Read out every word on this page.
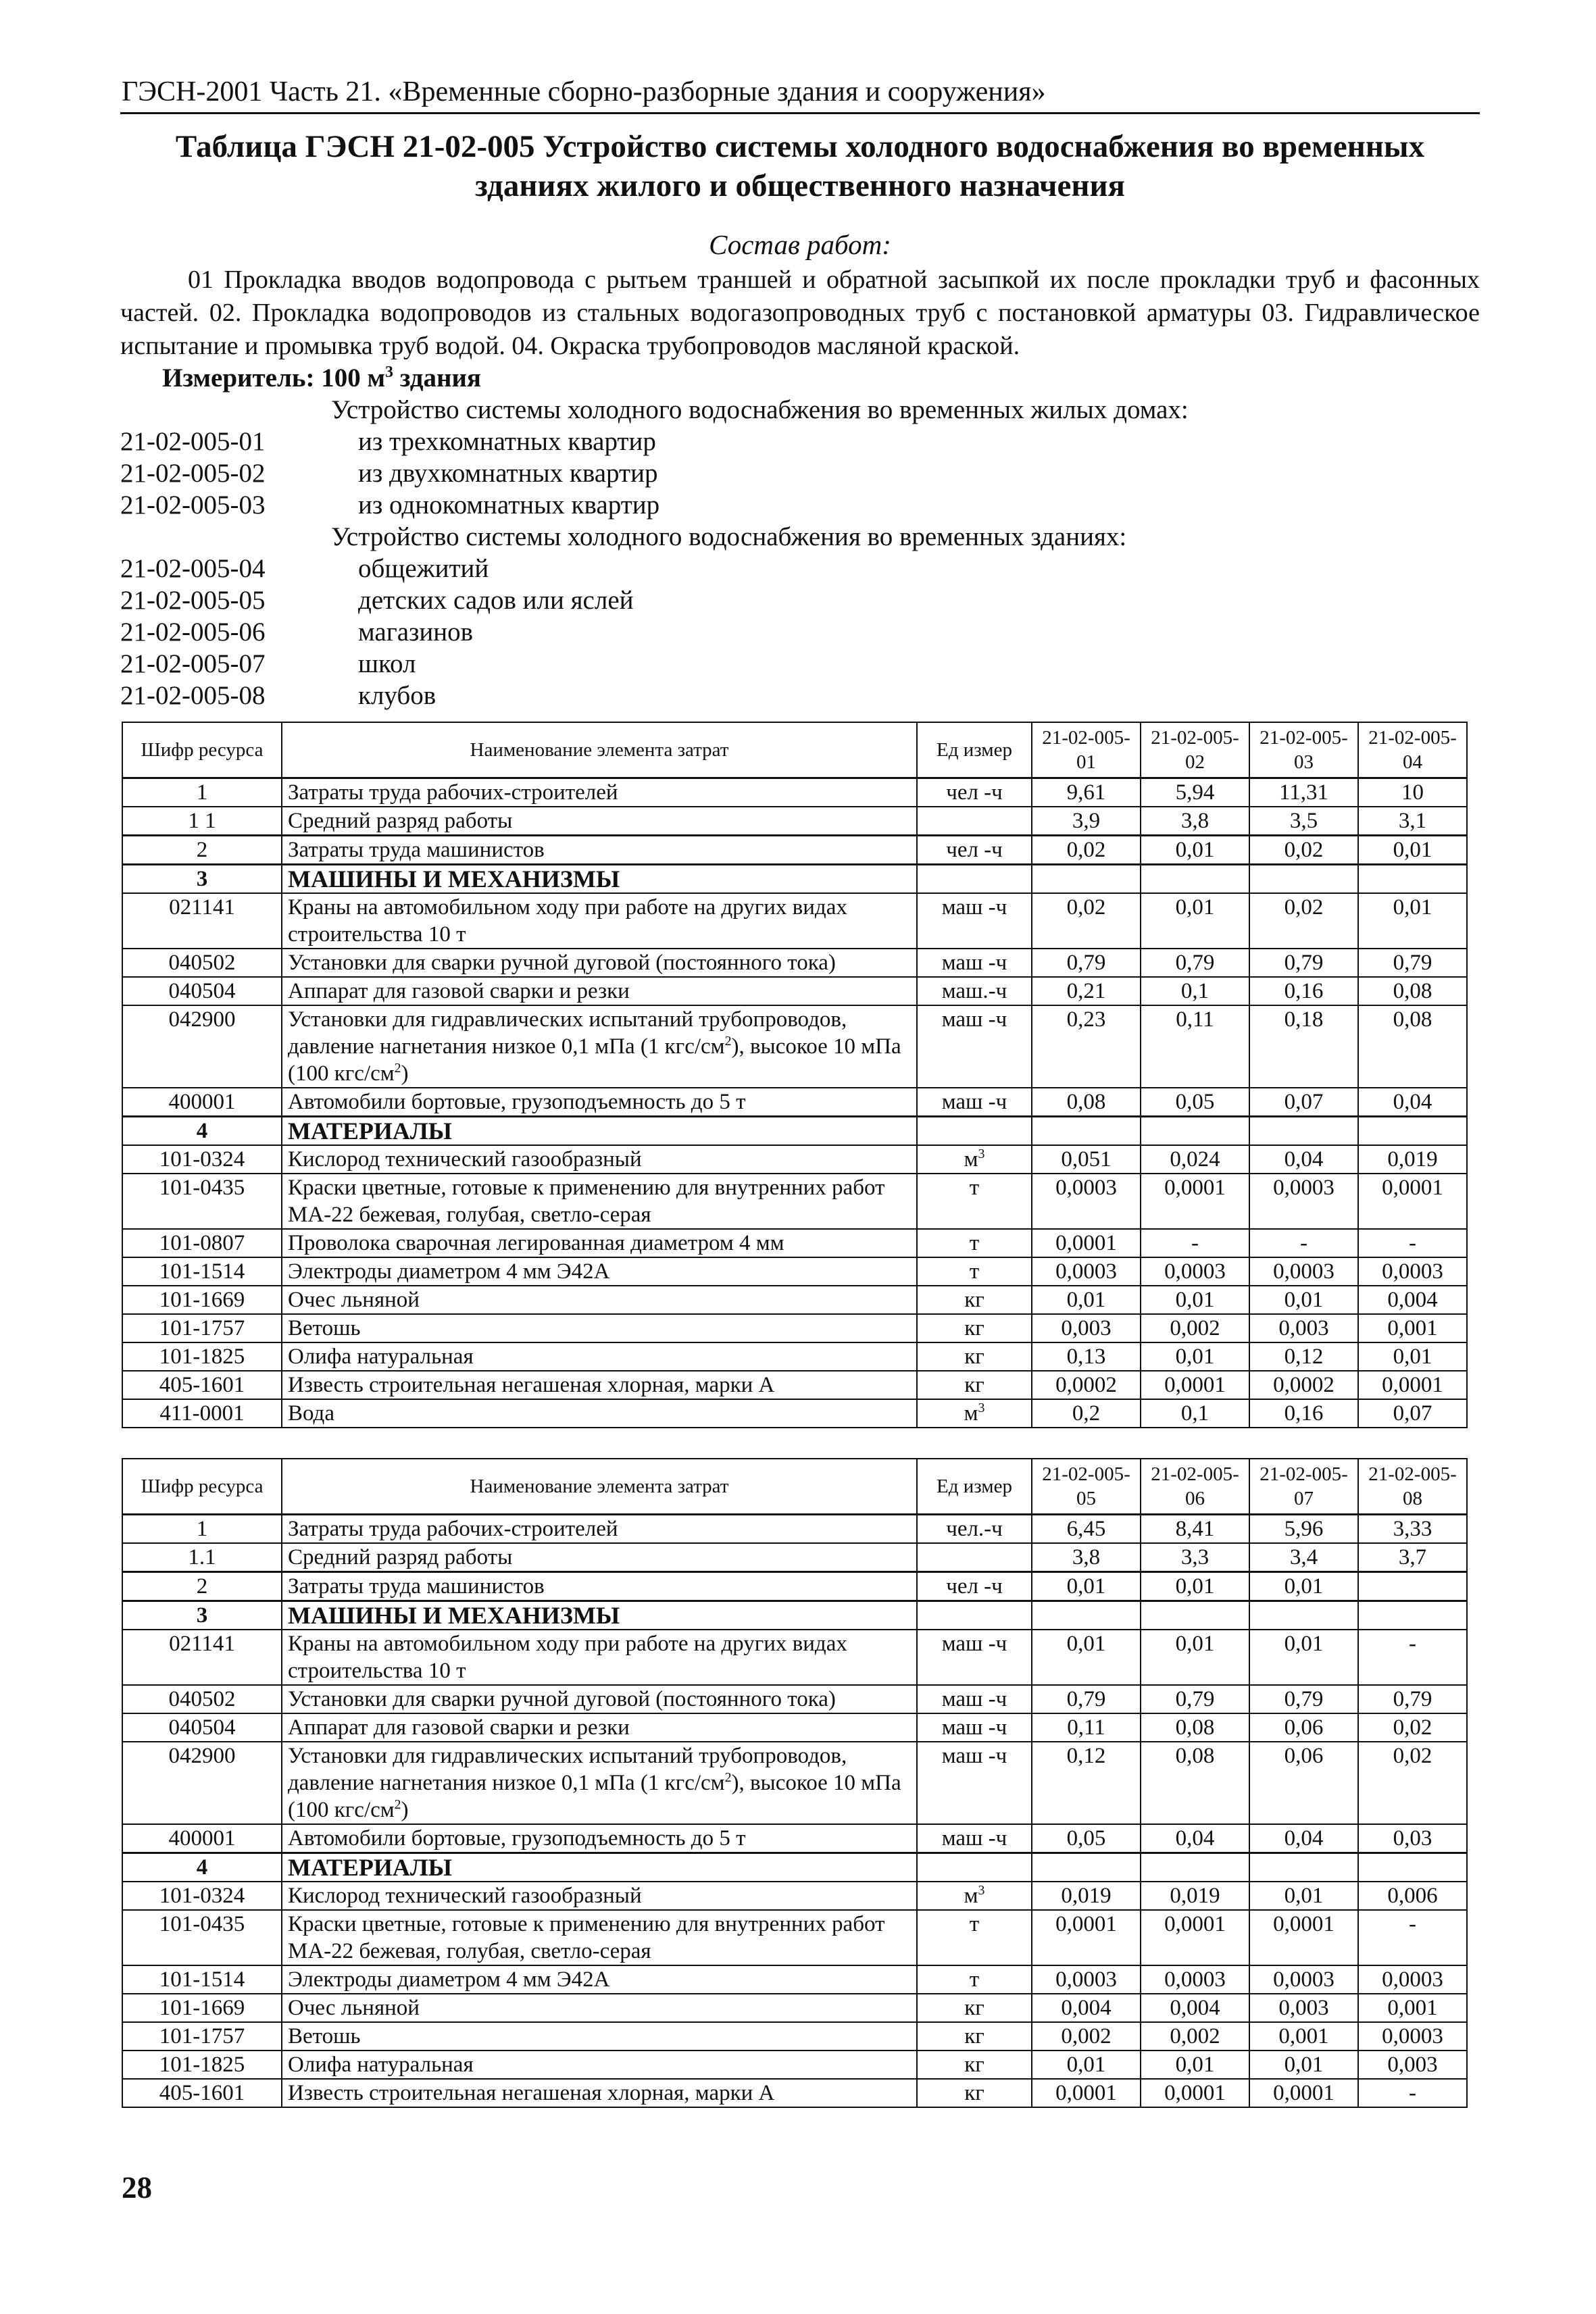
ГЭСН-2001 Часть 21. «Временные сборно-разборные здания и сооружения»
Таблица ГЭСН 21-02-005 Устройство системы холодного водоснабжения во временных
зданиях жилого и общественного назначения
Состав работ:
01 Прокладка вводов водопровода с рытьем траншей и обратной засыпкой их после прокладки труб и фасонных частей. 02. Прокладка водопроводов из стальных водогазопроводных труб с постановкой арматуры 03. Гидравлическое испытание и промывка труб водой. 04. Окраска трубопроводов масляной краской.
Измеритель: 100 $м^3$ здания
Устройство системы холодного водоснабжения во временных жилых домах:
21-02-005-01	из трехкомнатных квартир
21-02-005-02	из двухкомнатных квартир
21-02-005-03	из однокомнатных квартир
Устройство системы холодного водоснабжения во временных зданиях:
21-02-005-04	общежитий
21-02-005-05	детских садов или яслей
21-02-005-06	магазинов
21-02-005-07	школ
21-02-005-08	клубов
Шифр ресурса	Наименование элемента затрат	Ед измер	21-02-005-01	21-02-005-02	21-02-005-03	21-02-005-04
1	Затраты труда рабочих-строителей	чел -ч	9,61	5,94	11,31	10
1 1	Средний разряд работы		3,9	3,8	3,5	3,1
2	Затраты труда машинистов	чел -ч	0,02	0,01	0,02	0,01
3	МАШИНЫ И МЕХАНИЗМЫ					
021141	Краны на автомобильном ходу при работе на других видах строительства 10 т	маш -ч	0,02	0,01	0,02	0,01
040502	Установки для сварки ручной дуговой (постоянного тока)	маш -ч	0,79	0,79	0,79	0,79
040504	Аппарат для газовой сварки и резки	маш.-ч	0,21	0,1	0,16	0,08
042900	Установки для гидравлических испытаний трубопроводов, давление нагнетания низкое 0,1 мПа (1 кгс/$см^2$), высокое 10 мПа (100 кгс/$см^2$)	маш -ч	0,23	0,11	0,18	0,08
400001	Автомобили бортовые, грузоподъемность до 5 т	маш -ч	0,08	0,05	0,07	0,04
4	МАТЕРИАЛЫ					
101-0324	Кислород технический газообразный	$м^3$	0,051	0,024	0,04	0,019
101-0435	Краски цветные, готовые к применению для внутренних работ МА-22 бежевая, голубая, светло-серая	т	0,0003	0,0001	0,0003	0,0001
101-0807	Проволока сварочная легированная диаметром 4 мм	т	0,0001	-	-	-
101-1514	Электроды диаметром 4 мм Э42А	т	0,0003	0,0003	0,0003	0,0003
101-1669	Очес льняной	кг	0,01	0,01	0,01	0,004
101-1757	Ветошь	кг	0,003	0,002	0,003	0,001
101-1825	Олифа натуральная	кг	0,13	0,01	0,12	0,01
405-1601	Известь строительная негашеная хлорная, марки А	кг	0,0002	0,0001	0,0002	0,0001
411-0001	Вода	$м^3$	0,2	0,1	0,16	0,07
Шифр ресурса	Наименование элемента затрат	Ед измер	21-02-005-05	21-02-005-06	21-02-005-07	21-02-005-08
1	Затраты труда рабочих-строителей	чел.-ч	6,45	8,41	5,96	3,33
1.1	Средний разряд работы		3,8	3,3	3,4	3,7
2	Затраты труда машинистов	чел -ч	0,01	0,01	0,01	
3	МАШИНЫ И МЕХАНИЗМЫ					
021141	Краны на автомобильном ходу при работе на других видах строительства 10 т	маш -ч	0,01	0,01	0,01	-
040502	Установки для сварки ручной дуговой (постоянного тока)	маш -ч	0,79	0,79	0,79	0,79
040504	Аппарат для газовой сварки и резки	маш -ч	0,11	0,08	0,06	0,02
042900	Установки для гидравлических испытаний трубопроводов, давление нагнетания низкое 0,1 мПа (1 кгс/$см^2$), высокое 10 мПа (100 кгс/$см^2$)	маш -ч	0,12	0,08	0,06	0,02
400001	Автомобили бортовые, грузоподъемность до 5 т	маш -ч	0,05	0,04	0,04	0,03
4	МАТЕРИАЛЫ					
101-0324	Кислород технический газообразный	$м^3$	0,019	0,019	0,01	0,006
101-0435	Краски цветные, готовые к применению для внутренних работ МА-22 бежевая, голубая, светло-серая	т	0,0001	0,0001	0,0001	-
101-1514	Электроды диаметром 4 мм Э42А	т	0,0003	0,0003	0,0003	0,0003
101-1669	Очес льняной	кг	0,004	0,004	0,003	0,001
101-1757	Ветошь	кг	0,002	0,002	0,001	0,0003
101-1825	Олифа натуральная	кг	0,01	0,01	0,01	0,003
405-1601	Известь строительная негашеная хлорная, марки А	кг	0,0001	0,0001	0,0001	-
28
